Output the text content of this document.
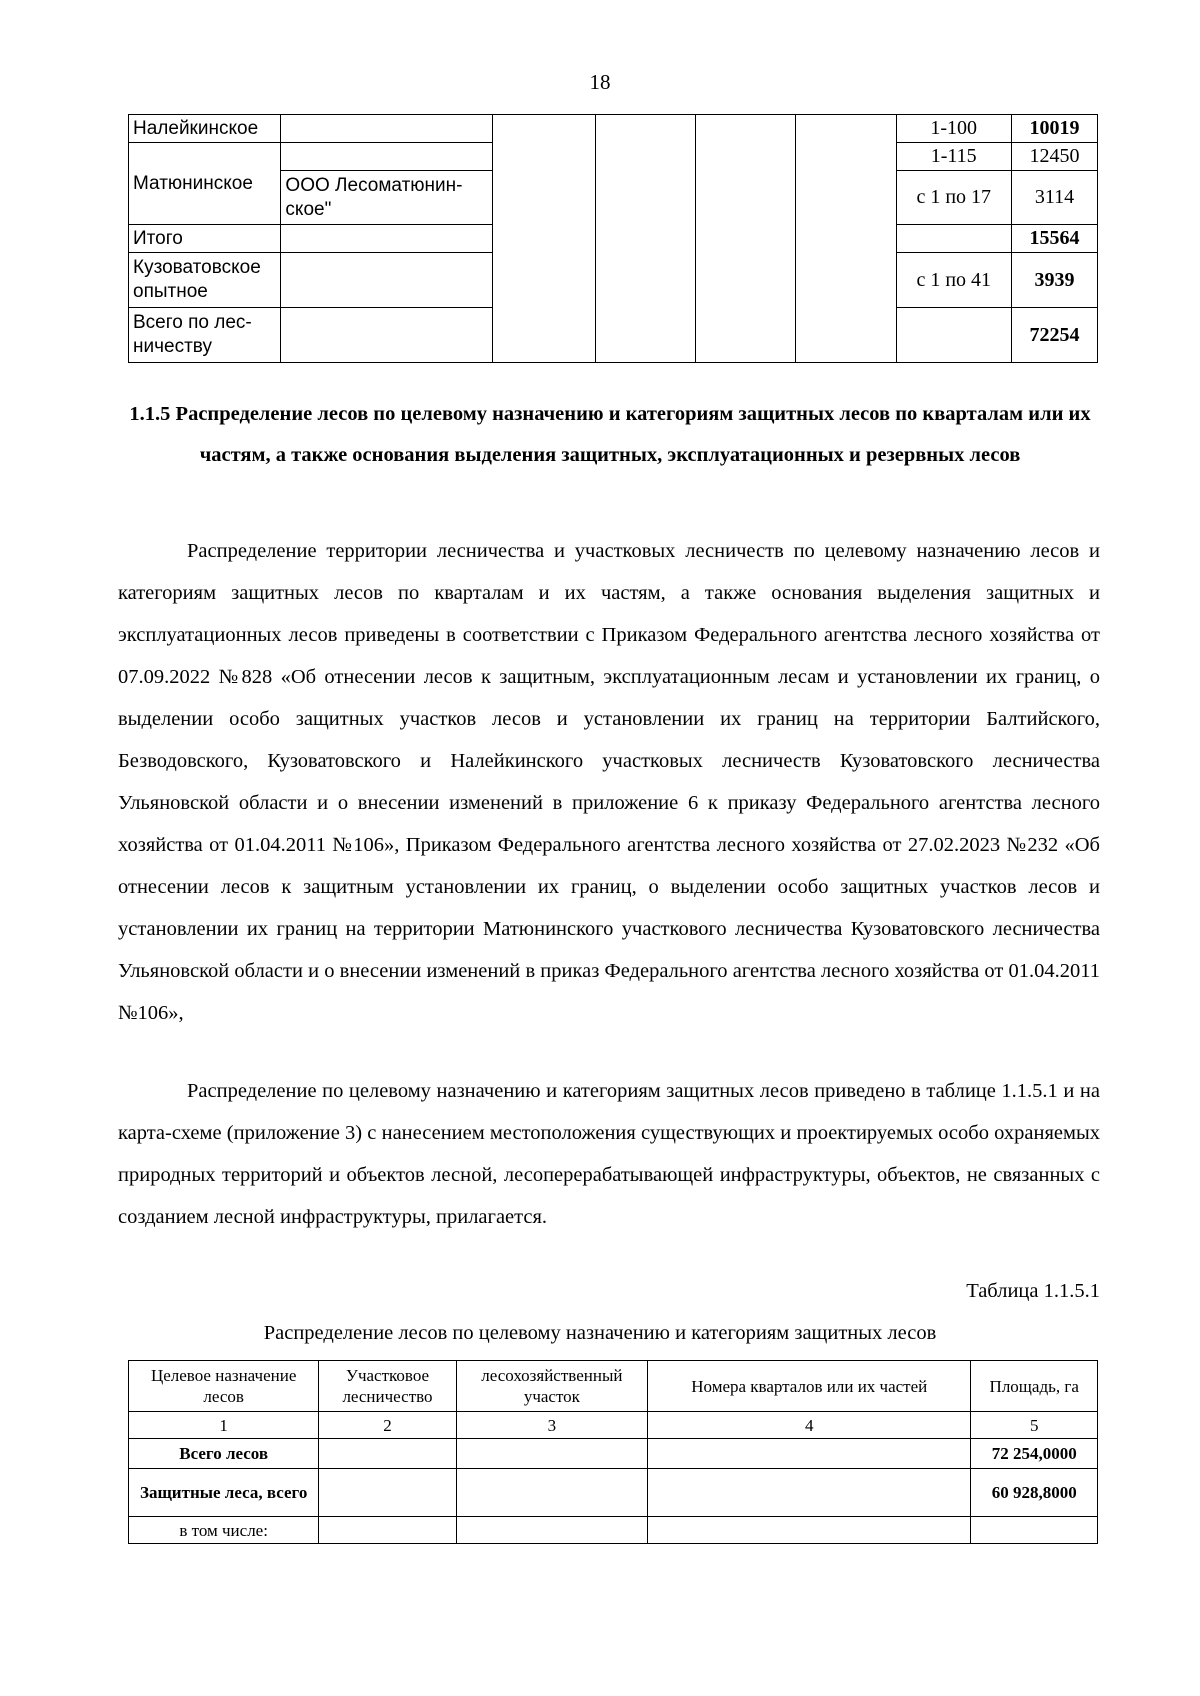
18
Налейкинское						1-100	10019
Матюнинское						1-115	12450
	ООО Лесоматюнин-ское"					с 1 по 17	3114
Итого							15564
Кузоватовское опытное						с 1 по 41	3939
Всего по лес-ничеству							72254
1.1.5 Распределение лесов по целевому назначению и категориям защитных лесов по кварталам или их частям, а также основания выделения защитных, эксплуатационных и резервных лесов

Распределение территории лесничества и участковых лесничеств по целевому назначению лесов и категориям защитных лесов по кварталам и их частям, а также основания выделения защитных и эксплуатационных лесов приведены в соответствии с Приказом Федерального агентства лесного хозяйства от 07.09.2022 №828 «Об отнесении лесов к защитным, эксплуатационным лесам и установлении их границ, о выделении особо защитных участков лесов и установлении их границ на территории Балтийского, Безводовского, Кузоватовского и Налейкинского участковых лесничеств Кузоватовского лесничества Ульяновской области и о внесении изменений в приложение 6 к приказу Федерального агентства лесного хозяйства от 01.04.2011 №106», Приказом Федерального агентства лесного хозяйства от 27.02.2023 №232 «Об отнесении лесов к защитным установлении их границ, о выделении особо защитных участков лесов и установлении их границ на территории Матюнинского участкового лесничества Кузоватовского лесничества Ульяновской области и о внесении изменений в приказ Федерального агентства лесного хозяйства от 01.04.2011 №106»,

Распределение по целевому назначению и категориям защитных лесов приведено в таблице 1.1.5.1 и на карта-схеме (приложение 3) с нанесением местоположения существующих и проектируемых особо охраняемых природных территорий и объектов лесной, лесоперерабатывающей инфраструктуры, объектов, не связанных с созданием лесной инфраструктуры, прилагается.

Таблица 1.1.5.1
Распределение лесов по целевому назначению и категориям защитных лесов
Целевое назначение лесов	Участковое лесничество	лесохозяйственный участок	Номера кварталов или их частей	Площадь, га
1	2	3	4	5
Всего лесов				72 254,0000
Защитные леса, всего				60 928,8000
в том числе:				
